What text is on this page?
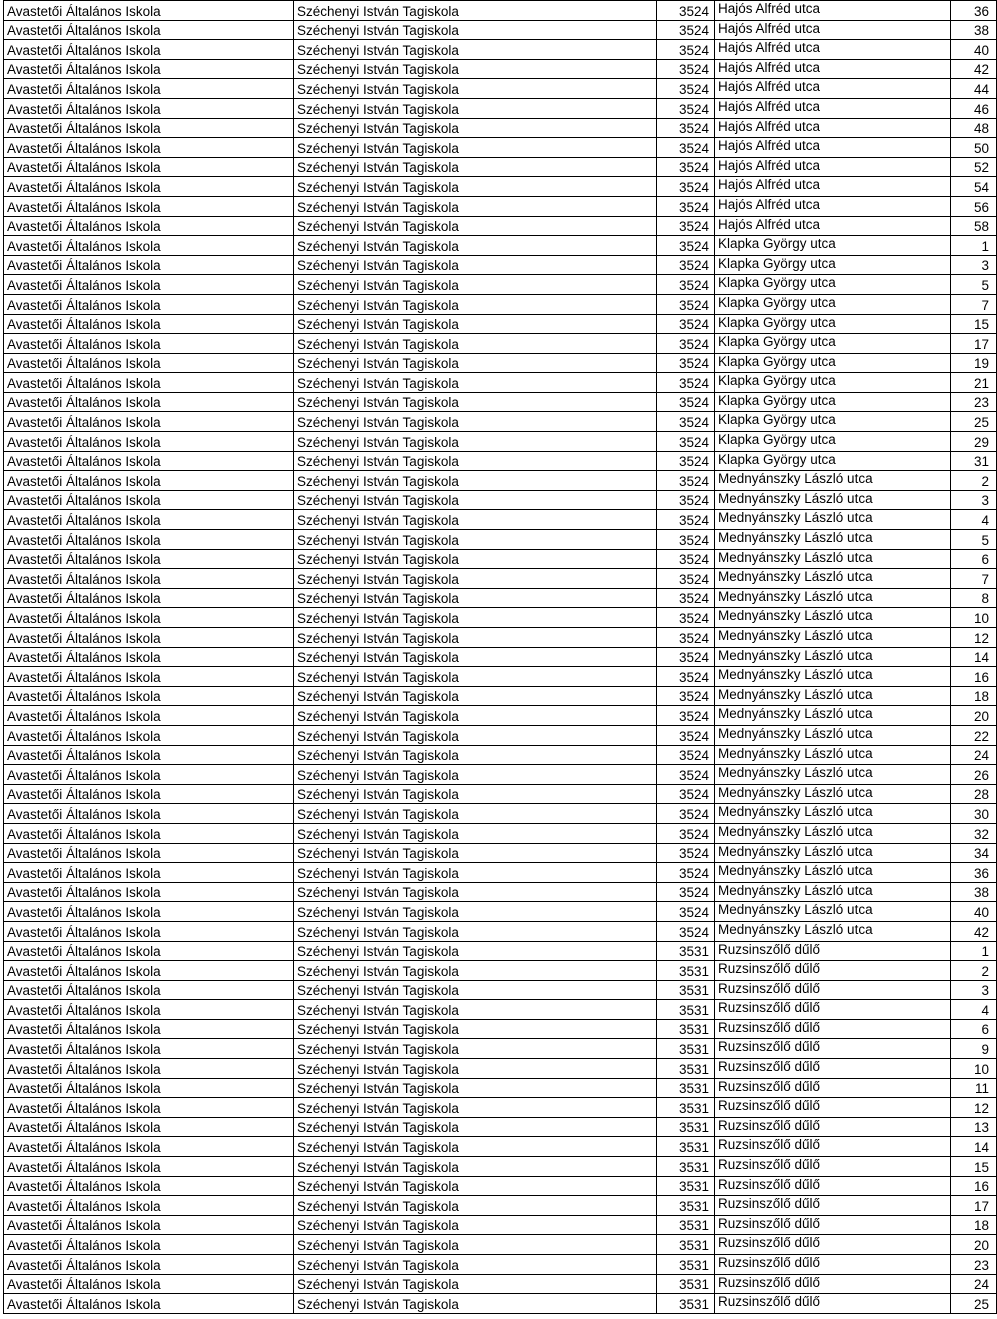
Avastetői Általános Iskola	Széchenyi István Tagiskola	3524	Hajós Alfréd utca	36
Avastetői Általános Iskola	Széchenyi István Tagiskola	3524	Hajós Alfréd utca	38
Avastetői Általános Iskola	Széchenyi István Tagiskola	3524	Hajós Alfréd utca	40
Avastetői Általános Iskola	Széchenyi István Tagiskola	3524	Hajós Alfréd utca	42
Avastetői Általános Iskola	Széchenyi István Tagiskola	3524	Hajós Alfréd utca	44
Avastetői Általános Iskola	Széchenyi István Tagiskola	3524	Hajós Alfréd utca	46
Avastetői Általános Iskola	Széchenyi István Tagiskola	3524	Hajós Alfréd utca	48
Avastetői Általános Iskola	Széchenyi István Tagiskola	3524	Hajós Alfréd utca	50
Avastetői Általános Iskola	Széchenyi István Tagiskola	3524	Hajós Alfréd utca	52
Avastetői Általános Iskola	Széchenyi István Tagiskola	3524	Hajós Alfréd utca	54
Avastetői Általános Iskola	Széchenyi István Tagiskola	3524	Hajós Alfréd utca	56
Avastetői Általános Iskola	Széchenyi István Tagiskola	3524	Hajós Alfréd utca	58
Avastetői Általános Iskola	Széchenyi István Tagiskola	3524	Klapka György utca	1
Avastetői Általános Iskola	Széchenyi István Tagiskola	3524	Klapka György utca	3
Avastetői Általános Iskola	Széchenyi István Tagiskola	3524	Klapka György utca	5
Avastetői Általános Iskola	Széchenyi István Tagiskola	3524	Klapka György utca	7
Avastetői Általános Iskola	Széchenyi István Tagiskola	3524	Klapka György utca	15
Avastetői Általános Iskola	Széchenyi István Tagiskola	3524	Klapka György utca	17
Avastetői Általános Iskola	Széchenyi István Tagiskola	3524	Klapka György utca	19
Avastetői Általános Iskola	Széchenyi István Tagiskola	3524	Klapka György utca	21
Avastetői Általános Iskola	Széchenyi István Tagiskola	3524	Klapka György utca	23
Avastetői Általános Iskola	Széchenyi István Tagiskola	3524	Klapka György utca	25
Avastetői Általános Iskola	Széchenyi István Tagiskola	3524	Klapka György utca	29
Avastetői Általános Iskola	Széchenyi István Tagiskola	3524	Klapka György utca	31
Avastetői Általános Iskola	Széchenyi István Tagiskola	3524	Mednyánszky László utca	2
Avastetői Általános Iskola	Széchenyi István Tagiskola	3524	Mednyánszky László utca	3
Avastetői Általános Iskola	Széchenyi István Tagiskola	3524	Mednyánszky László utca	4
Avastetői Általános Iskola	Széchenyi István Tagiskola	3524	Mednyánszky László utca	5
Avastetői Általános Iskola	Széchenyi István Tagiskola	3524	Mednyánszky László utca	6
Avastetői Általános Iskola	Széchenyi István Tagiskola	3524	Mednyánszky László utca	7
Avastetői Általános Iskola	Széchenyi István Tagiskola	3524	Mednyánszky László utca	8
Avastetői Általános Iskola	Széchenyi István Tagiskola	3524	Mednyánszky László utca	10
Avastetői Általános Iskola	Széchenyi István Tagiskola	3524	Mednyánszky László utca	12
Avastetői Általános Iskola	Széchenyi István Tagiskola	3524	Mednyánszky László utca	14
Avastetői Általános Iskola	Széchenyi István Tagiskola	3524	Mednyánszky László utca	16
Avastetői Általános Iskola	Széchenyi István Tagiskola	3524	Mednyánszky László utca	18
Avastetői Általános Iskola	Széchenyi István Tagiskola	3524	Mednyánszky László utca	20
Avastetői Általános Iskola	Széchenyi István Tagiskola	3524	Mednyánszky László utca	22
Avastetői Általános Iskola	Széchenyi István Tagiskola	3524	Mednyánszky László utca	24
Avastetői Általános Iskola	Széchenyi István Tagiskola	3524	Mednyánszky László utca	26
Avastetői Általános Iskola	Széchenyi István Tagiskola	3524	Mednyánszky László utca	28
Avastetői Általános Iskola	Széchenyi István Tagiskola	3524	Mednyánszky László utca	30
Avastetői Általános Iskola	Széchenyi István Tagiskola	3524	Mednyánszky László utca	32
Avastetői Általános Iskola	Széchenyi István Tagiskola	3524	Mednyánszky László utca	34
Avastetői Általános Iskola	Széchenyi István Tagiskola	3524	Mednyánszky László utca	36
Avastetői Általános Iskola	Széchenyi István Tagiskola	3524	Mednyánszky László utca	38
Avastetői Általános Iskola	Széchenyi István Tagiskola	3524	Mednyánszky László utca	40
Avastetői Általános Iskola	Széchenyi István Tagiskola	3524	Mednyánszky László utca	42
Avastetői Általános Iskola	Széchenyi István Tagiskola	3531	Ruzsinszőlő dűlő	1
Avastetői Általános Iskola	Széchenyi István Tagiskola	3531	Ruzsinszőlő dűlő	2
Avastetői Általános Iskola	Széchenyi István Tagiskola	3531	Ruzsinszőlő dűlő	3
Avastetői Általános Iskola	Széchenyi István Tagiskola	3531	Ruzsinszőlő dűlő	4
Avastetői Általános Iskola	Széchenyi István Tagiskola	3531	Ruzsinszőlő dűlő	6
Avastetői Általános Iskola	Széchenyi István Tagiskola	3531	Ruzsinszőlő dűlő	9
Avastetői Általános Iskola	Széchenyi István Tagiskola	3531	Ruzsinszőlő dűlő	10
Avastetői Általános Iskola	Széchenyi István Tagiskola	3531	Ruzsinszőlő dűlő	11
Avastetői Általános Iskola	Széchenyi István Tagiskola	3531	Ruzsinszőlő dűlő	12
Avastetői Általános Iskola	Széchenyi István Tagiskola	3531	Ruzsinszőlő dűlő	13
Avastetői Általános Iskola	Széchenyi István Tagiskola	3531	Ruzsinszőlő dűlő	14
Avastetői Általános Iskola	Széchenyi István Tagiskola	3531	Ruzsinszőlő dűlő	15
Avastetői Általános Iskola	Széchenyi István Tagiskola	3531	Ruzsinszőlő dűlő	16
Avastetői Általános Iskola	Széchenyi István Tagiskola	3531	Ruzsinszőlő dűlő	17
Avastetői Általános Iskola	Széchenyi István Tagiskola	3531	Ruzsinszőlő dűlő	18
Avastetői Általános Iskola	Széchenyi István Tagiskola	3531	Ruzsinszőlő dűlő	20
Avastetői Általános Iskola	Széchenyi István Tagiskola	3531	Ruzsinszőlő dűlő	23
Avastetői Általános Iskola	Széchenyi István Tagiskola	3531	Ruzsinszőlő dűlő	24
Avastetői Általános Iskola	Széchenyi István Tagiskola	3531	Ruzsinszőlő dűlő	25
